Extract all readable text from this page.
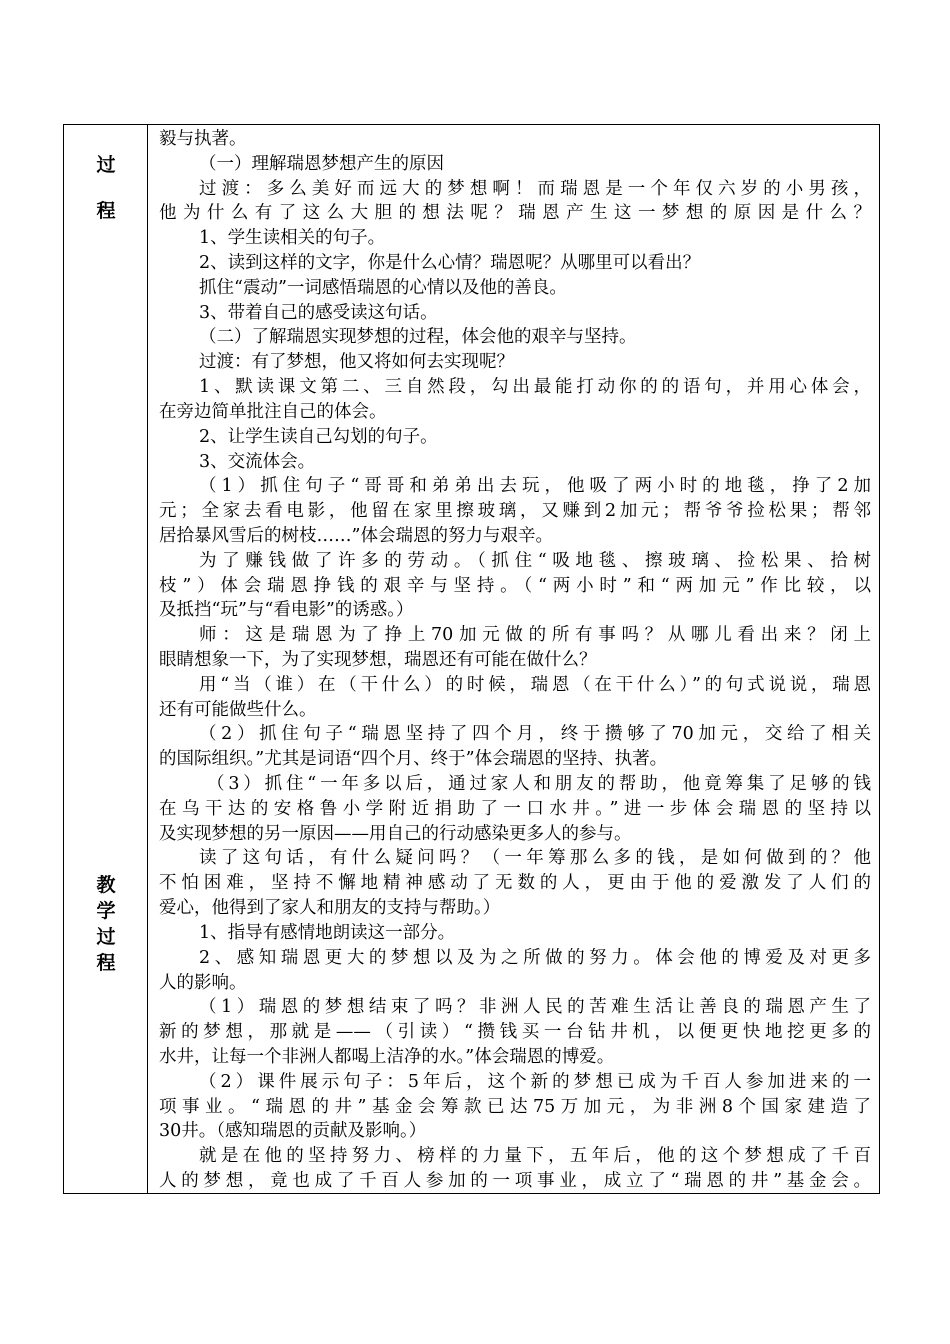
过
程
教
学
过
程
毅与执著。
（一）理解瑞恩梦想产生的原因
过渡：多么美好而远大的梦想啊！而瑞恩是一个年仅六岁的小男孩，
他为什么有了这么大胆的想法呢？瑞恩产生这一梦想的原因是什么？
1、学生读相关的句子。
2、读到这样的文字，你是什么心情？瑞恩呢？从哪里可以看出？
抓住“震动”一词感悟瑞恩的心情以及他的善良。
3、带着自己的感受读这句话。
（二）了解瑞恩实现梦想的过程，体会他的艰辛与坚持。
过渡：有了梦想，他又将如何去实现呢？
1、默读课文第二、三自然段，勾出最能打动你的的语句，并用心体会，
在旁边简单批注自己的体会。
2、让学生读自己勾划的句子。
3、交流体会。
（1）抓住句子“哥哥和弟弟出去玩，他吸了两小时的地毯，挣了2加
元；全家去看电影，他留在家里擦玻璃，又赚到2加元；帮爷爷捡松果；帮邻
居拾暴风雪后的树枝……”体会瑞恩的努力与艰辛。
为了赚钱做了许多的劳动。（抓住“吸地毯、擦玻璃、捡松果、拾树
枝”）体会瑞恩挣钱的艰辛与坚持。（“两小时”和“两加元”作比较，以
及抵挡“玩”与“看电影”的诱惑。）
师：这是瑞恩为了挣上70加元做的所有事吗？从哪儿看出来？闭上
眼睛想象一下，为了实现梦想，瑞恩还有可能在做什么？
用“当（谁）在（干什么）的时候，瑞恩（在干什么）”的句式说说，瑞恩
还有可能做些什么。
（2）抓住句子“瑞恩坚持了四个月，终于攒够了70加元，交给了相关
的国际组织。”尤其是词语“四个月、终于”体会瑞恩的坚持、执著。
（3）抓住“一年多以后，通过家人和朋友的帮助，他竟筹集了足够的钱
在乌干达的安格鲁小学附近捐助了一口水井。”进一步体会瑞恩的坚持以
及实现梦想的另一原因——用自己的行动感染更多人的参与。
读了这句话，有什么疑问吗？（一年筹那么多的钱，是如何做到的？他
不怕困难，坚持不懈地精神感动了无数的人，更由于他的爱激发了人们的
爱心，他得到了家人和朋友的支持与帮助。）
1、指导有感情地朗读这一部分。
2、感知瑞恩更大的梦想以及为之所做的努力。体会他的博爱及对更多
人的影响。
（1）瑞恩的梦想结束了吗？非洲人民的苦难生活让善良的瑞恩产生了
新的梦想，那就是——（引读）“攒钱买一台钻井机，以便更快地挖更多的
水井，让每一个非洲人都喝上洁净的水。”体会瑞恩的博爱。
（2）课件展示句子：5年后，这个新的梦想已成为千百人参加进来的一
项事业。“瑞恩的井”基金会筹款已达75万加元，为非洲8个国家建造了
30井。（感知瑞恩的贡献及影响。）
就是在他的坚持努力、榜样的力量下，五年后，他的这个梦想成了千百
人的梦想，竟也成了千百人参加的一项事业，成立了“瑞恩的井”基金会。
